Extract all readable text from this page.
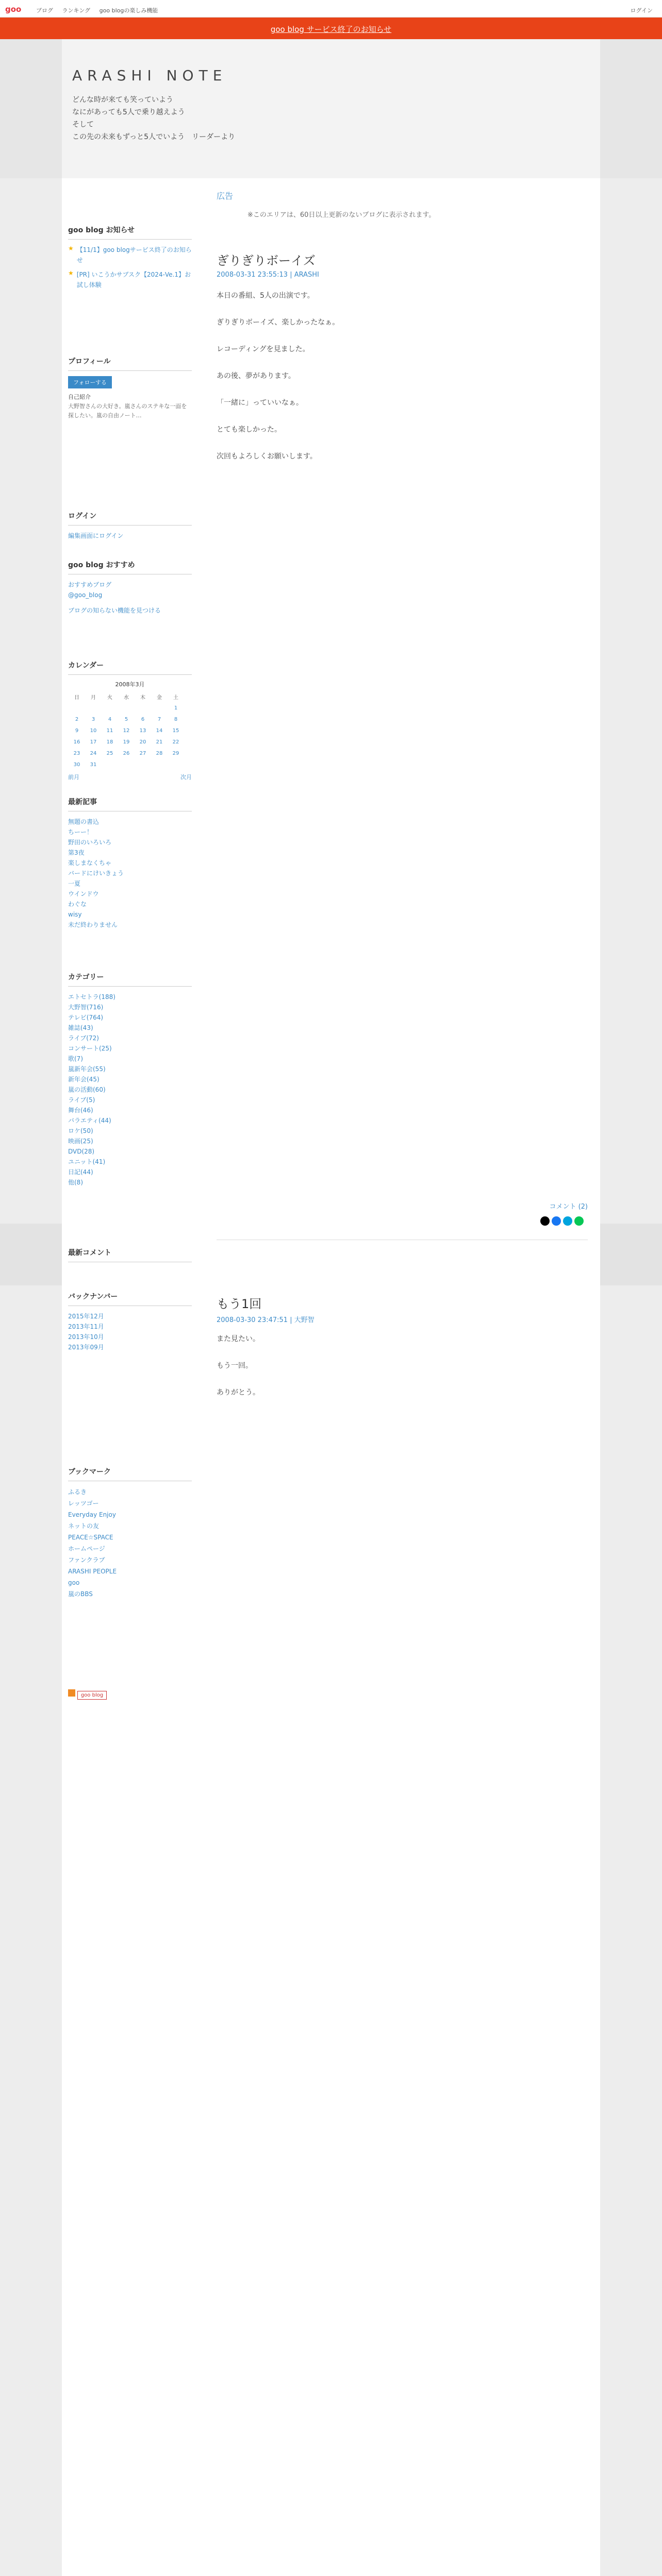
goo	ブログ ランキング goo blogの楽しみ機能	ログイン
goo blog サービス終了のお知らせ
ARASHI NOTE
どんな時が来ても笑っていよう
なにがあっても5人で乗り越えよう
そして
この先の未来もずっと5人でいよう　リーダーより
goo blog お知らせ
★ 【11/1】goo blogサービス終了のお知らせ
★ [PR] いこうかサブスク【2024-Ve.1】お試し体験
プロフィール
フォローする
自己紹介
大野智さんの大好き。嵐さんのステキな一面を探したい。嵐の自由ノート…
ログイン
編集画面にログイン
goo blog おすすめ
おすすめブログ
@goo_blog
ブログの知らない機能を見つける
カレンダー
2008年3月
日	月	火	水	木	金	土
						1
2	3	4	5	6	7	8
9	10	11	12	13	14	15
16	17	18	19	20	21	22
23	24	25	26	27	28	29
30	31					
前月	次月
最新記事
無題の書込
ちーー！
野田のいろいろ
第3夜
楽しまなくちゃ
バードにけいきょう
一夏
ウインドウ
わぐな
wisy
未だ終わりません
カテゴリー
エトセトラ(188)
大野智(716)
テレビ(764)
雑誌(43)
ライブ(72)
コンサート(25)
歌(7)
嵐新年会(55)
新年会(45)
嵐の活動(60)
ライブ(5)
舞台(46)
バラエティ(44)
ロケ(50)
映画(25)
DVD(28)
ユニット(41)
日記(44)
他(8)
最新コメント
バックナンバー
2015年12月
2013年11月
2013年10月
2013年09月
ブックマーク
ふるき
レッツゴー
Everyday Enjoy
ネットの友
PEACE☆SPACE
ホームページ
ファンクラブ
ARASHI PEOPLE
goo
嵐のBBS
goo blog
広告
※このエリアは、60日以上更新のないブログに表示されます。
ぎりぎりボーイズ
2008-03-31 23:55:13 | ARASHI
本日の番組、5人の出演です。

ぎりぎりボーイズ、楽しかったなぁ。

レコーディングを見ました。

あの後、夢があります。

「一緒に」っていいなぁ。

とても楽しかった。

次回もよろしくお願いします。
コメント (2)
もう1回
2008-03-30 23:47:51 | 大野智
また見たい。

もう一回。

ありがとう。
